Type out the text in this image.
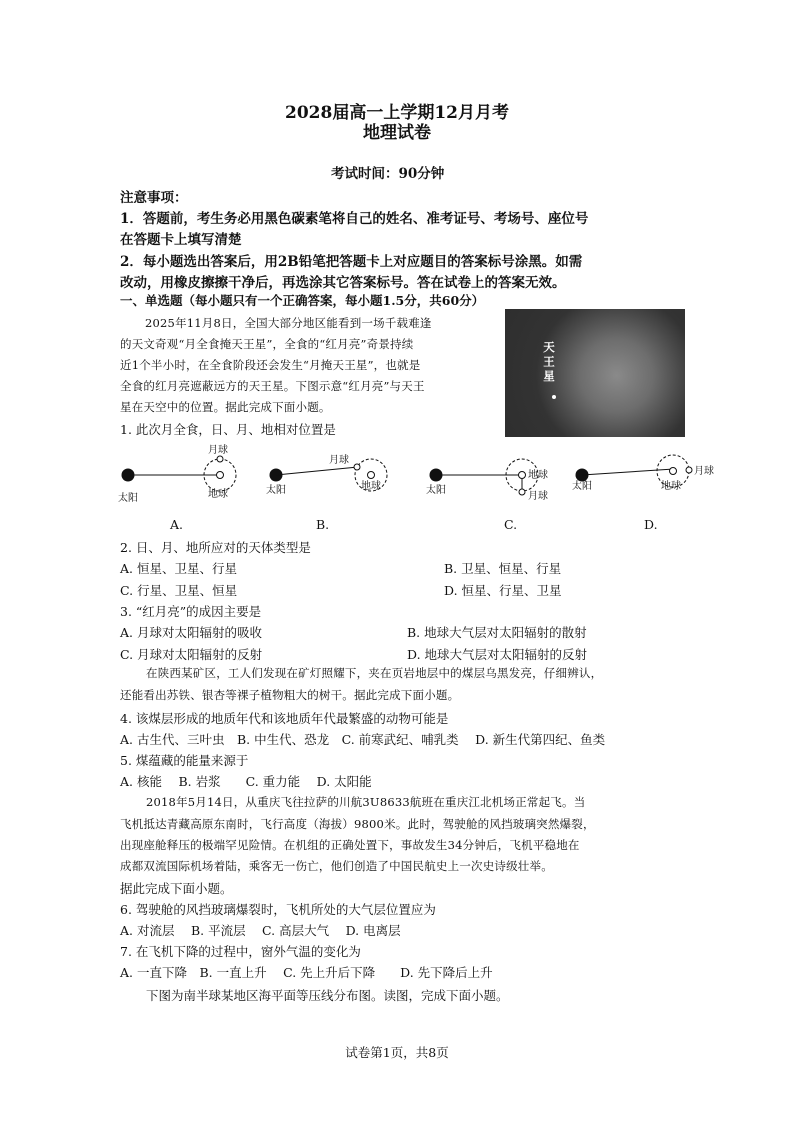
2028届高一上学期12月月考
地理试卷
考试时间：90分钟
注意事项：
1．答题前，考生务必用黑色碳素笔将自己的姓名、准考证号、考场号、座位号
在答题卡上填写清楚
2．每小题选出答案后，用2B铅笔把答题卡上对应题目的答案标号涂黑。如需
改动，用橡皮擦擦干净后，再选涂其它答案标号。答在试卷上的答案无效。
一、单选题（每小题只有一个正确答案，每小题1.5分，共60分）
2025年11月8日，全国大部分地区能看到一场千载难逢
的天文奇观“月全食掩天王星”，全食的“红月亮”奇景持续
近1个半小时，在全食阶段还会发生“月掩天王星”，也就是
全食的红月亮遮蔽远方的天王星。下图示意“红月亮”与天王
星在天空中的位置。据此完成下面小题。
天王星
1. 此次月全食，日、月、地相对位置是
太阳
月球
地球	太阳
月球
地球	太阳
地球
月球
太阳	地球
月球
A.	B.	C.	D.
2. 日、月、地所应对的天体类型是
A. 恒星、卫星、行星	B. 卫星、恒星、行星
C. 行星、卫星、恒星	D. 恒星、行星、卫星
3. “红月亮”的成因主要是
A. 月球对太阳辐射的吸收	B. 地球大气层对太阳辐射的散射
C. 月球对太阳辐射的反射	D. 地球大气层对太阳辐射的反射
在陕西某矿区，工人们发现在矿灯照耀下，夹在页岩地层中的煤层乌黑发亮，仔细辨认，
还能看出苏铁、银杏等裸子植物粗大的树干。据此完成下面小题。
4. 该煤层形成的地质年代和该地质年代最繁盛的动物可能是
A. 古生代、三叶虫　B. 中生代、恐龙　C. 前寒武纪、哺乳类　 D. 新生代第四纪、鱼类
5. 煤蕴藏的能量来源于
A. 核能　 B. 岩浆　　C. 重力能　 D. 太阳能
2018年5月14日，从重庆飞往拉萨的川航3U8633航班在重庆江北机场正常起飞。当
飞机抵达青藏高原东南时，飞行高度（海拔）9800米。此时，驾驶舱的风挡玻璃突然爆裂，
出现座舱释压的极端罕见险情。在机组的正确处置下，事故发生34分钟后，飞机平稳地在
成都双流国际机场着陆，乘客无一伤亡，他们创造了中国民航史上一次史诗级壮举。
据此完成下面小题。
6. 驾驶舱的风挡玻璃爆裂时，飞机所处的大气层位置应为
A. 对流层　 B. 平流层　 C. 高层大气　 D. 电离层
7. 在飞机下降的过程中，窗外气温的变化为
A. 一直下降　B. 一直上升　 C. 先上升后下降　　D. 先下降后上升
下图为南半球某地区海平面等压线分布图。读图，完成下面小题。
试卷第1页，共8页
